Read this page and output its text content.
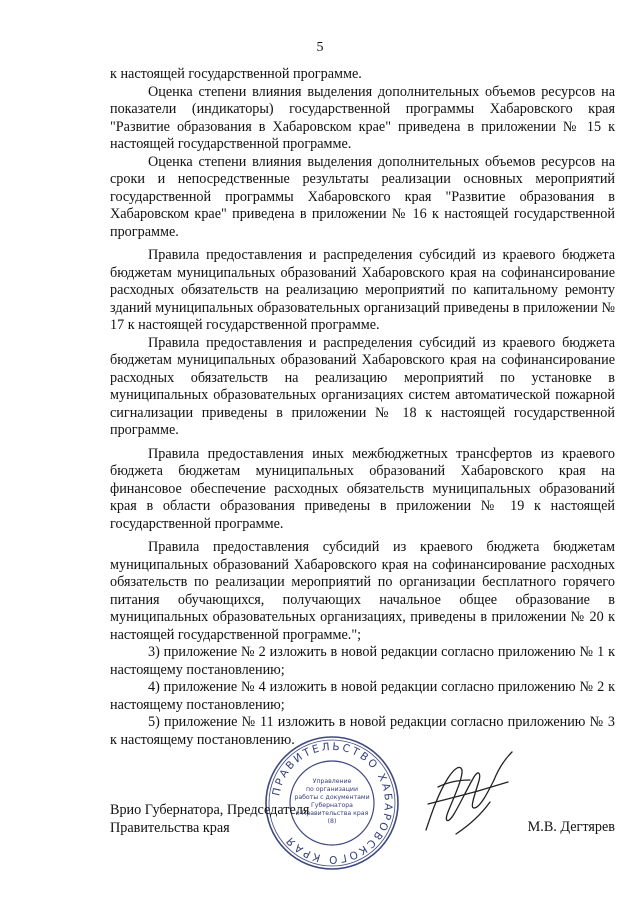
5

к настоящей государственной программе.

Оценка степени влияния выделения дополнительных объемов ресурсов на показатели (индикаторы) государственной программы Хабаровского края "Развитие образования в Хабаровском крае" приведена в приложении № 15 к настоящей государственной программе.

Оценка степени влияния выделения дополнительных объемов ресурсов на сроки и непосредственные результаты реализации основных мероприятий государственной программы Хабаровского края "Развитие образования в Хабаровском крае" приведена в приложении № 16 к настоящей государственной программе.

Правила предоставления и распределения субсидий из краевого бюджета бюджетам муниципальных образований Хабаровского края на софинансирование расходных обязательств на реализацию мероприятий по капитальному ремонту зданий муниципальных образовательных организаций приведены в приложении № 17 к настоящей государственной программе.

Правила предоставления и распределения субсидий из краевого бюджета бюджетам муниципальных образований Хабаровского края на софинансирование расходных обязательств на реализацию мероприятий по установке в муниципальных образовательных организациях систем автоматической пожарной сигнализации приведены в приложении № 18 к настоящей государственной программе.

Правила предоставления иных межбюджетных трансфертов из краевого бюджета бюджетам муниципальных образований Хабаровского края на финансовое обеспечение расходных обязательств муниципальных образований края в области образования приведены в приложении № 19 к настоящей государственной программе.

Правила предоставления субсидий из краевого бюджета бюджетам муниципальных образований Хабаровского края на софинансирование расходных обязательств по реализации мероприятий по организации бесплатного горячего питания обучающихся, получающих начальное общее образование в муниципальных образовательных организациях, приведены в приложении № 20 к настоящей государственной программе.";

3) приложение № 2 изложить в новой редакции согласно приложению № 1 к настоящему постановлению;

4) приложение № 4 изложить в новой редакции согласно приложению № 2 к настоящему постановлению;

5) приложение № 11 изложить в новой редакции согласно приложению № 3 к настоящему постановлению.

ПРАВИТЕЛЬСТВО ХАБАРОВСКОГО КРАЯ
Управление
по организации
работы с документами
Губернатора
и Правительства края
(8)
Врио Губернатора, Председателя
Правительства края	М.В. Дегтярев
